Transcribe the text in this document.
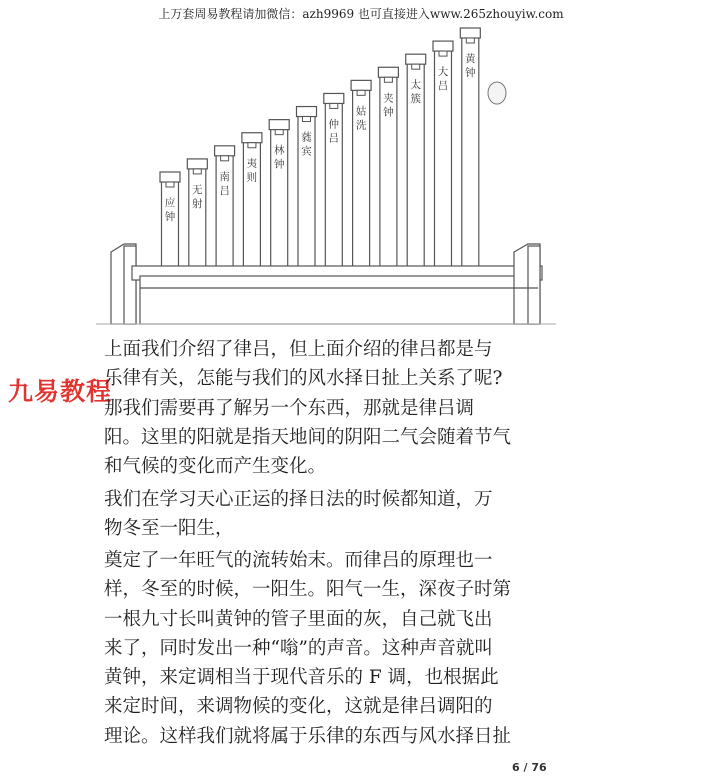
上万套周易教程请加微信：azh9969 也可直接进入www.265zhouyiw.com
应
钟
无
射
南
吕
夷
则
林
钟
蕤
宾
仲
吕
姑
洗
夹
钟
太
簇
大
吕
黄
钟
九易教程
上面我们介绍了律吕，但上面介绍的律吕都是与
乐律有关，怎能与我们的风水择日扯上关系了呢?
那我们需要再了解另一个东西，那就是律吕调
阳。这里的阳就是指天地间的阴阳二气会随着节气
和气候的变化而产生变化。
我们在学习天心正运的择日法的时候都知道，万
物冬至一阳生，
奠定了一年旺气的流转始末。而律吕的原理也一
样，冬至的时候，一阳生。阳气一生，深夜子时第
一根九寸长叫黄钟的管子里面的灰，自己就飞出
来了，同时发出一种“嗡”的声音。这种声音就叫
黄钟，来定调相当于现代音乐的 F 调，也根据此
来定时间，来调物候的变化，这就是律吕调阳的
理论。这样我们就将属于乐律的东西与风水择日扯
6 / 76
